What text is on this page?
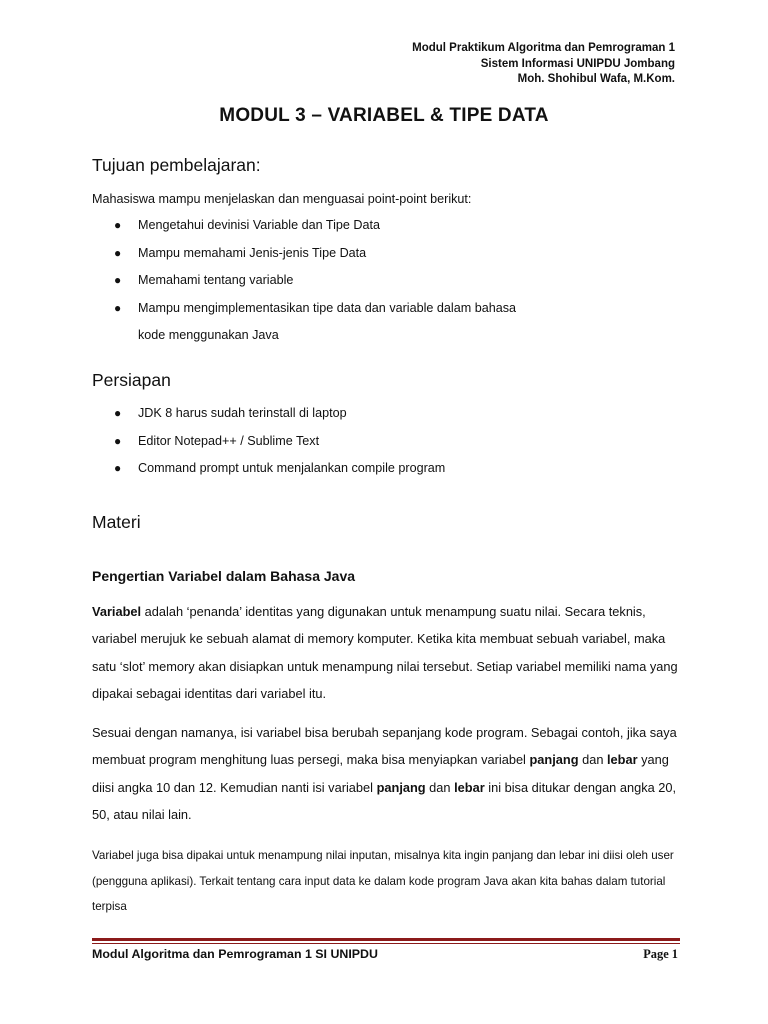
Modul Praktikum Algoritma dan Pemrograman 1
Sistem Informasi UNIPDU Jombang
Moh. Shohibul Wafa, M.Kom.
MODUL 3 – VARIABEL & TIPE DATA
Tujuan pembelajaran:
Mahasiswa mampu menjelaskan dan menguasai point-point berikut:
● Mengetahui devinisi Variable dan Tipe Data
● Mampu memahami Jenis-jenis Tipe Data
● Memahami tentang variable
● Mampu mengimplementasikan tipe data dan variable dalam bahasa
kode menggunakan Java
Persiapan
● JDK 8 harus sudah terinstall di laptop
● Editor Notepad++ / Sublime Text
● Command prompt untuk menjalankan compile program
Materi
Pengertian Variabel dalam Bahasa Java
Variabel adalah ‘penanda’ identitas yang digunakan untuk menampung suatu nilai. Secara teknis, variabel merujuk ke sebuah alamat di memory komputer. Ketika kita membuat sebuah variabel, maka satu ‘slot’ memory akan disiapkan untuk menampung nilai tersebut. Setiap variabel memiliki nama yang dipakai sebagai identitas dari variabel itu.
Sesuai dengan namanya, isi variabel bisa berubah sepanjang kode program. Sebagai contoh, jika saya membuat program menghitung luas persegi, maka bisa menyiapkan variabel panjang dan lebar yang diisi angka 10 dan 12. Kemudian nanti isi variabel panjang dan lebar ini bisa ditukar dengan angka 20, 50, atau nilai lain.
Variabel juga bisa dipakai untuk menampung nilai inputan, misalnya kita ingin panjang dan lebar ini diisi oleh user (pengguna aplikasi). Terkait tentang cara input data ke dalam kode program Java akan kita bahas dalam tutorial terpisa
Modul Algoritma dan Pemrograman 1 SI UNIPDU	Page 1
